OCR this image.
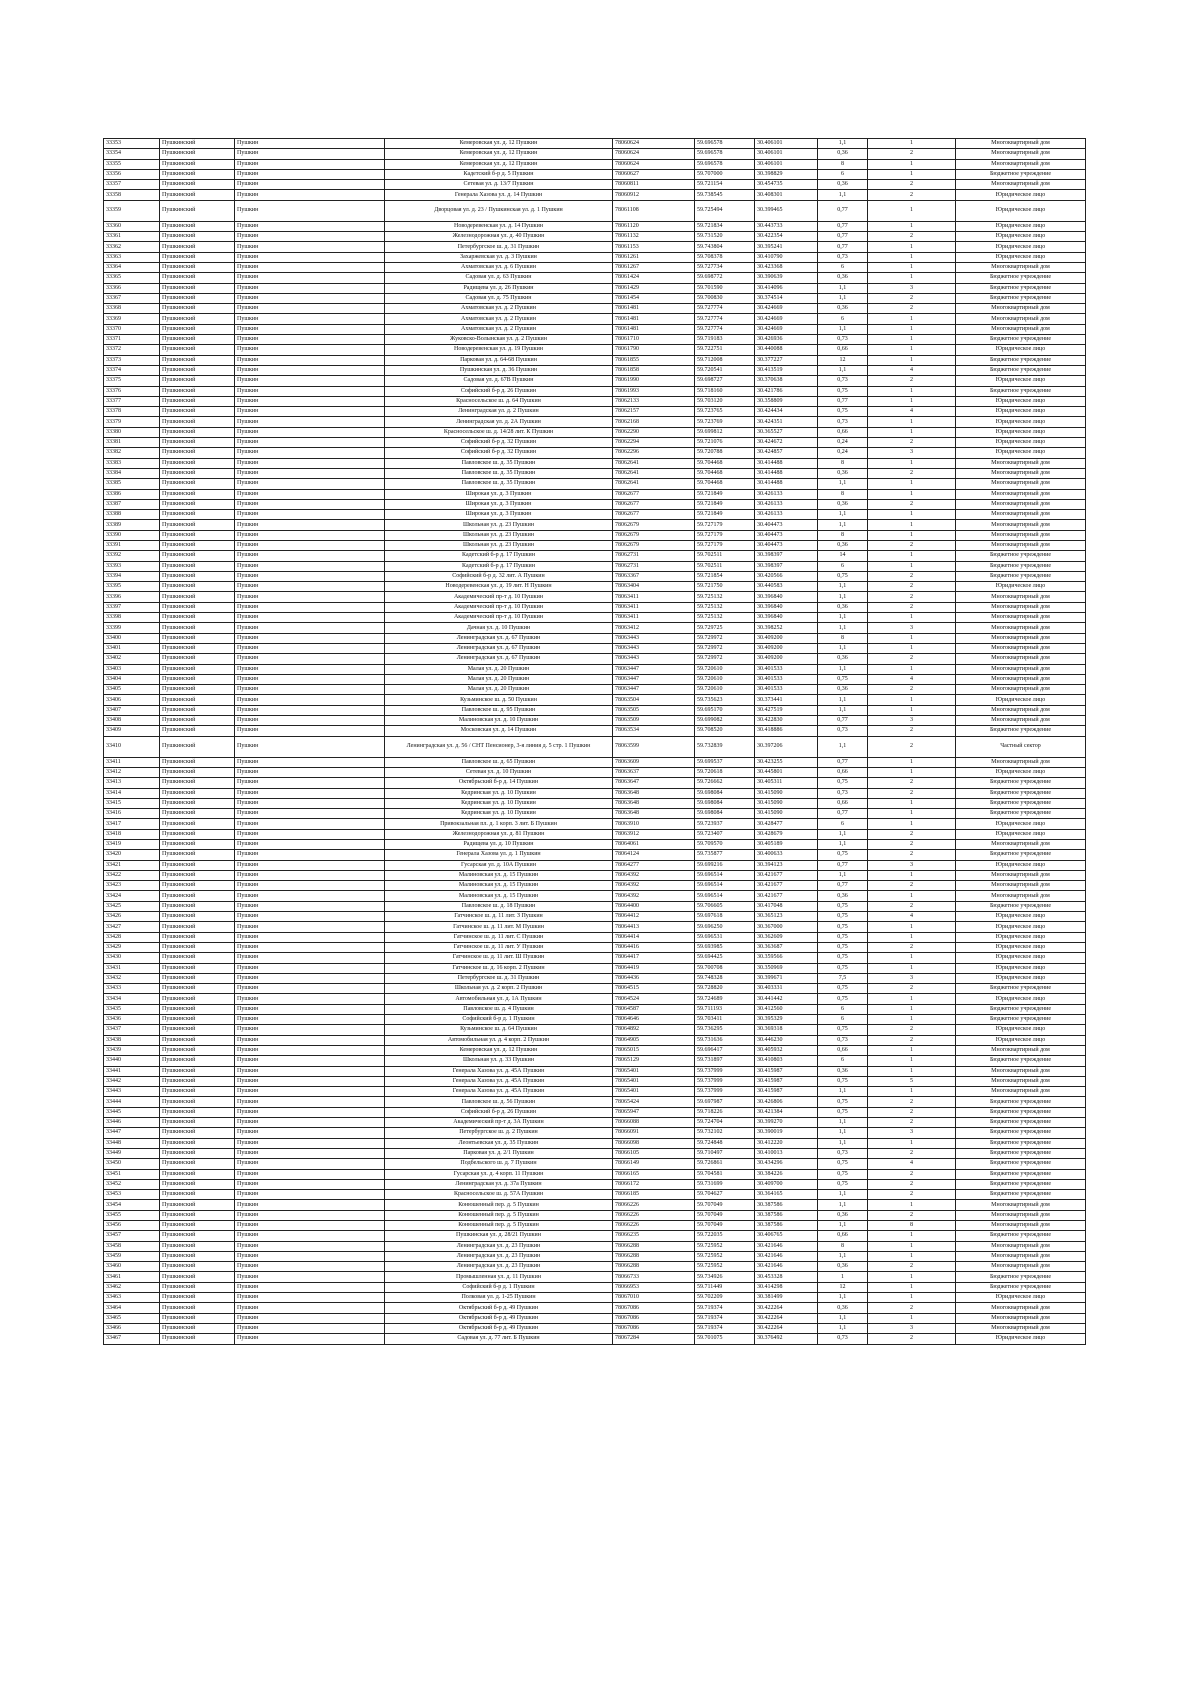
33353	Пушкинский	Пушкин	Кемеровская ул. д. 12 Пушкин	78060624	59.696578	30.406101	1,1	1	Многоквартирный дом
33354	Пушкинский	Пушкин	Кемеровская ул. д. 12 Пушкин	78060624	59.696578	30.406101	0,36	2	Многоквартирный дом
33355	Пушкинский	Пушкин	Кемеровская ул. д. 12 Пушкин	78060624	59.696578	30.406101	8	1	Многоквартирный дом
33356	Пушкинский	Пушкин	Кадетский б-р д. 5 Пушкин	78060627	59.707000	30.398829	6	1	Бюджетное учреждение
33357	Пушкинский	Пушкин	Сетевая ул. д. 13/7 Пушкин	78060811	59.721154	30.454735	0,36	2	Многоквартирный дом
33358	Пушкинский	Пушкин	Генерала Хазова ул. д. 14 Пушкин	78060912	59.738545	30.408301	1,1	2	Юридическое лицо
33359	Пушкинский	Пушкин	Дворцовая ул. д. 23 / Пушкинская ул. д. 1 Пушкин	78061108	59.725494	30.399465	0,77	1	Юридическое лицо
33360	Пушкинский	Пушкин	Новодеревенская ул. д. 14 Пушкин	78061120	59.721834	30.443733	0,77	1	Юридическое лицо
33361	Пушкинский	Пушкин	Железнодорожная ул. д. 40 Пушкин	78061132	59.731520	30.422354	0,77	2	Юридическое лицо
33362	Пушкинский	Пушкин	Петербургское ш. д. 31 Пушкин	78061153	59.743804	30.395241	0,77	1	Юридическое лицо
33363	Пушкинский	Пушкин	Захаржевская ул. д. 3 Пушкин	78061261	59.708378	30.410790	0,73	1	Юридическое лицо
33364	Пушкинский	Пушкин	Ахматовская ул. д. 6 Пушкин	78061267	59.727734	30.423368	6	1	Многоквартирный дом
33365	Пушкинский	Пушкин	Садовая ул. д. 63 Пушкин	78061424	59.698772	30.390639	0,36	1	Бюджетное учреждение
33366	Пушкинский	Пушкин	Радищева ул. д. 26 Пушкин	78061429	59.701590	30.414096	1,1	3	Бюджетное учреждение
33367	Пушкинский	Пушкин	Садовая ул. д. 75 Пушкин	78061454	59.700830	30.374514	1,1	2	Бюджетное учреждение
33368	Пушкинский	Пушкин	Ахматовская ул. д. 2 Пушкин	78061481	59.727774	30.424669	0,36	2	Многоквартирный дом
33369	Пушкинский	Пушкин	Ахматовская ул. д. 2 Пушкин	78061481	59.727774	30.424669	6	1	Многоквартирный дом
33370	Пушкинский	Пушкин	Ахматовская ул. д. 2 Пушкин	78061481	59.727774	30.424669	1,1	1	Многоквартирный дом
33371	Пушкинский	Пушкин	Жуковско-Волынская ул. д. 2 Пушкин	78061710	59.719183	30.426936	0,73	1	Бюджетное учреждение
33372	Пушкинский	Пушкин	Новодеревенская ул. д. 19 Пушкин	78061790	59.722751	30.440088	0,66	1	Юридическое лицо
33373	Пушкинский	Пушкин	Парковая ул. д. 64-68 Пушкин	78061855	59.712008	30.377227	12	1	Бюджетное учреждение
33374	Пушкинский	Пушкин	Пушкинская ул. д. 36 Пушкин	78061858	59.720541	30.413519	1,1	4	Бюджетное учреждение
33375	Пушкинский	Пушкин	Садовая ул. д. 67В Пушкин	78061990	59.698727	30.370638	0,73	2	Юридическое лицо
33376	Пушкинский	Пушкин	Софийский б-р д. 26 Пушкин	78061993	59.718160	30.421786	0,75	1	Бюджетное учреждение
33377	Пушкинский	Пушкин	Красносельское ш. д. 64 Пушкин	78062133	59.703120	30.358809	0,77	1	Юридическое лицо
33378	Пушкинский	Пушкин	Ленинградская ул. д. 2 Пушкин	78062157	59.723765	30.424434	0,75	4	Юридическое лицо
33379	Пушкинский	Пушкин	Ленинградская ул. д. 2А Пушкин	78062168	59.723769	30.424351	0,73	1	Юридическое лицо
33380	Пушкинский	Пушкин	Красносельское ш. д. 14/28 лит. К Пушкин	78062290	59.699812	30.365527	0,66	1	Юридическое лицо
33381	Пушкинский	Пушкин	Софийский б-р д. 32 Пушкин	78062294	59.721076	30.424672	0,24	2	Юридическое лицо
33382	Пушкинский	Пушкин	Софийский б-р д. 32 Пушкин	78062296	59.720788	30.424857	0,24	3	Юридическое лицо
33383	Пушкинский	Пушкин	Павловское ш. д. 35 Пушкин	78062641	59.704468	30.414488	8	1	Многоквартирный дом
33384	Пушкинский	Пушкин	Павловское ш. д. 35 Пушкин	78062641	59.704468	30.414488	0,36	2	Многоквартирный дом
33385	Пушкинский	Пушкин	Павловское ш. д. 35 Пушкин	78062641	59.704468	30.414488	1,1	1	Многоквартирный дом
33386	Пушкинский	Пушкин	Широкая ул. д. 3 Пушкин	78062677	59.721849	30.426133	8	1	Многоквартирный дом
33387	Пушкинский	Пушкин	Широкая ул. д. 3 Пушкин	78062677	59.721849	30.426133	0,36	2	Многоквартирный дом
33388	Пушкинский	Пушкин	Широкая ул. д. 3 Пушкин	78062677	59.721849	30.426133	1,1	1	Многоквартирный дом
33389	Пушкинский	Пушкин	Школьная ул. д. 23 Пушкин	78062679	59.727179	30.404473	1,1	1	Многоквартирный дом
33390	Пушкинский	Пушкин	Школьная ул. д. 23 Пушкин	78062679	59.727179	30.404473	8	1	Многоквартирный дом
33391	Пушкинский	Пушкин	Школьная ул. д. 23 Пушкин	78062679	59.727179	30.404473	0,36	2	Многоквартирный дом
33392	Пушкинский	Пушкин	Кадетский б-р д. 17 Пушкин	78062731	59.702511	30.398397	14	1	Бюджетное учреждение
33393	Пушкинский	Пушкин	Кадетский б-р д. 17 Пушкин	78062731	59.702511	30.398397	6	1	Бюджетное учреждение
33394	Пушкинский	Пушкин	Софийский б-р д. 32 лит. А Пушкин	78063367	59.721854	30.420566	0,75	2	Бюджетное учреждение
33395	Пушкинский	Пушкин	Новодеревенская ул. д. 19 лит. Н Пушкин	78063404	59.721750	30.440583	1,1	2	Юридическое лицо
33396	Пушкинский	Пушкин	Академический пр-т д. 10 Пушкин	78063411	59.725132	30.396840	1,1	2	Многоквартирный дом
33397	Пушкинский	Пушкин	Академический пр-т д. 10 Пушкин	78063411	59.725132	30.396840	0,36	2	Многоквартирный дом
33398	Пушкинский	Пушкин	Академический пр-т д. 10 Пушкин	78063411	59.725132	30.396840	1,1	1	Многоквартирный дом
33399	Пушкинский	Пушкин	Дачная ул. д. 10 Пушкин	78063412	59.729725	30.398252	1,1	3	Многоквартирный дом
33400	Пушкинский	Пушкин	Ленинградская ул. д. 67 Пушкин	78063443	59.729972	30.409200	8	1	Многоквартирный дом
33401	Пушкинский	Пушкин	Ленинградская ул. д. 67 Пушкин	78063443	59.729972	30.409200	1,1	1	Многоквартирный дом
33402	Пушкинский	Пушкин	Ленинградская ул. д. 67 Пушкин	78063443	59.729972	30.409200	0,36	2	Многоквартирный дом
33403	Пушкинский	Пушкин	Малая ул. д. 20 Пушкин	78063447	59.720610	30.401533	1,1	1	Многоквартирный дом
33404	Пушкинский	Пушкин	Малая ул. д. 20 Пушкин	78063447	59.720610	30.401533	0,75	4	Многоквартирный дом
33405	Пушкинский	Пушкин	Малая ул. д. 20 Пушкин	78063447	59.720610	30.401533	0,36	2	Многоквартирный дом
33406	Пушкинский	Пушкин	Кузьминское ш. д. 50 Пушкин	78063504	59.735623	30.373441	1,1	1	Юридическое лицо
33407	Пушкинский	Пушкин	Павловское ш. д. 95 Пушкин	78063505	59.695170	30.427519	1,1	1	Многоквартирный дом
33408	Пушкинский	Пушкин	Малиновская ул. д. 10 Пушкин	78063509	59.699082	30.422830	0,77	3	Многоквартирный дом
33409	Пушкинский	Пушкин	Московская ул. д. 14 Пушкин	78063534	59.708520	30.418886	0,73	2	Бюджетное учреждение
33410	Пушкинский	Пушкин	Ленинградская ул. д. 56 / СНТ Пенсионер, 3-я линия д. 5 стр. 1 Пушкин	78063599	59.732839	30.397206	1,1	2	Частный сектор
33411	Пушкинский	Пушкин	Павловское ш. д. 65 Пушкин	78063609	59.699537	30.423255	0,77	1	Многоквартирный дом
33412	Пушкинский	Пушкин	Сетевая ул. д. 10 Пушкин	78063637	59.720618	30.445801	0,66	1	Юридическое лицо
33413	Пушкинский	Пушкин	Октябрьский б-р д. 14 Пушкин	78063647	59.726662	30.405311	0,75	2	Бюджетное учреждение
33414	Пушкинский	Пушкин	Кедринская ул. д. 10 Пушкин	78063648	59.698084	30.415090	0,73	2	Бюджетное учреждение
33415	Пушкинский	Пушкин	Кедринская ул. д. 10 Пушкин	78063648	59.698084	30.415090	0,66	1	Бюджетное учреждение
33416	Пушкинский	Пушкин	Кедринская ул. д. 10 Пушкин	78063648	59.698084	30.415090	0,77	1	Бюджетное учреждение
33417	Пушкинский	Пушкин	Привокзальная пл. д. 1 корп. 3 лит. Б Пушкин	78063910	59.723937	30.428477	6	1	Юридическое лицо
33418	Пушкинский	Пушкин	Железнодорожная ул. д. 81 Пушкин	78063912	59.723407	30.428679	1,1	2	Юридическое лицо
33419	Пушкинский	Пушкин	Радищева ул. д. 10 Пушкин	78064061	59.709570	30.405189	1,1	2	Многоквартирный дом
33420	Пушкинский	Пушкин	Генерала Хазова ул. д. 1 Пушкин	78064124	59.735877	30.400633	0,75	2	Бюджетное учреждение
33421	Пушкинский	Пушкин	Гусарская ул. д. 10А Пушкин	78064277	59.699216	30.394123	0,77	3	Юридическое лицо
33422	Пушкинский	Пушкин	Малиновская ул. д. 15 Пушкин	78064392	59.696514	30.421677	1,1	1	Многоквартирный дом
33423	Пушкинский	Пушкин	Малиновская ул. д. 15 Пушкин	78064392	59.696514	30.421677	0,77	2	Многоквартирный дом
33424	Пушкинский	Пушкин	Малиновская ул. д. 15 Пушкин	78064392	59.696514	30.421677	0,36	1	Многоквартирный дом
33425	Пушкинский	Пушкин	Павловское ш. д. 18 Пушкин	78064400	59.706605	30.417048	0,75	2	Бюджетное учреждение
33426	Пушкинский	Пушкин	Гатчинское ш. д. 11 лит. З Пушкин	78064412	59.697618	30.365123	0,75	4	Юридическое лицо
33427	Пушкинский	Пушкин	Гатчинское ш. д. 11 лит. М Пушкин	78064413	59.696250	30.367000	0,75	1	Юридическое лицо
33428	Пушкинский	Пушкин	Гатчинское ш. д. 11 лит. С Пушкин	78064414	59.696531	30.362609	0,75	1	Юридическое лицо
33429	Пушкинский	Пушкин	Гатчинское ш. д. 11 лит. У Пушкин	78064416	59.693985	30.363687	0,75	2	Юридическое лицо
33430	Пушкинский	Пушкин	Гатчинское ш. д. 11 лит. Ш Пушкин	78064417	59.694425	30.359566	0,75	1	Юридическое лицо
33431	Пушкинский	Пушкин	Гатчинское ш. д. 16 корп. 2 Пушкин	78064419	59.700708	30.350969	0,75	1	Юридическое лицо
33432	Пушкинский	Пушкин	Петербургское ш. д. 31 Пушкин	78064436	59.748328	30.399671	7,5	3	Юридическое лицо
33433	Пушкинский	Пушкин	Школьная ул. д. 2 корп. 2 Пушкин	78064515	59.728820	30.403331	0,75	2	Бюджетное учреждение
33434	Пушкинский	Пушкин	Автомобильная ул. д. 1А Пушкин	78064524	59.724689	30.441442	0,75	1	Юридическое лицо
33435	Пушкинский	Пушкин	Павловское ш. д. 4 Пушкин	78064587	59.711193	30.412560	6	1	Бюджетное учреждение
33436	Пушкинский	Пушкин	Софийский б-р д. 1 Пушкин	78064646	59.703411	30.395329	6	1	Бюджетное учреждение
33437	Пушкинский	Пушкин	Кузьминское ш. д. 64 Пушкин	78064892	59.736295	30.369318	0,75	2	Юридическое лицо
33438	Пушкинский	Пушкин	Автомобильная ул. д. 4 корп. 2 Пушкин	78064905	59.731636	30.446230	0,73	2	Юридическое лицо
33439	Пушкинский	Пушкин	Кемеровская ул. д. 12 Пушкин	78065015	59.696417	30.405932	0,66	1	Многоквартирный дом
33440	Пушкинский	Пушкин	Школьная ул. д. 33 Пушкин	78065129	59.731897	30.410803	6	1	Бюджетное учреждение
33441	Пушкинский	Пушкин	Генерала Хазова ул. д. 45А Пушкин	78065401	59.737999	30.415987	0,36	1	Многоквартирный дом
33442	Пушкинский	Пушкин	Генерала Хазова ул. д. 45А Пушкин	78065401	59.737999	30.415987	0,75	5	Многоквартирный дом
33443	Пушкинский	Пушкин	Генерала Хазова ул. д. 45А Пушкин	78065401	59.737999	30.415987	1,1	1	Многоквартирный дом
33444	Пушкинский	Пушкин	Павловское ш. д. 56 Пушкин	78065424	59.697987	30.426806	0,75	2	Бюджетное учреждение
33445	Пушкинский	Пушкин	Софийский б-р д. 26 Пушкин	78065947	59.718226	30.421384	0,75	2	Бюджетное учреждение
33446	Пушкинский	Пушкин	Академический пр-т д. 3А Пушкин	78066088	59.724704	30.399270	1,1	2	Бюджетное учреждение
33447	Пушкинский	Пушкин	Петербургское ш. д. 2 Пушкин	78066091	59.732102	30.390019	1,1	3	Бюджетное учреждение
33448	Пушкинский	Пушкин	Леонтьевская ул. д. 35 Пушкин	78066098	59.724848	30.412220	1,1	1	Бюджетное учреждение
33449	Пушкинский	Пушкин	Парковая ул. д. 2/1 Пушкин	78066105	59.710497	30.410013	0,73	2	Бюджетное учреждение
33450	Пушкинский	Пушкин	Подбельского ш. д. 7 Пушкин	78066149	59.726861	30.434296	0,75	4	Бюджетное учреждение
33451	Пушкинский	Пушкин	Гусарская ул. д. 4 корп. 11 Пушкин	78066165	59.704581	30.384226	0,75	2	Бюджетное учреждение
33452	Пушкинский	Пушкин	Ленинградская ул. д. 37а Пушкин	78066172	59.731699	30.409700	0,75	2	Бюджетное учреждение
33453	Пушкинский	Пушкин	Красносельское ш. д. 57А Пушкин	78066185	59.704627	30.364165	1,1	2	Бюджетное учреждение
33454	Пушкинский	Пушкин	Конюшенный пер. д. 5 Пушкин	78066226	59.707049	30.387586	1,1	1	Многоквартирный дом
33455	Пушкинский	Пушкин	Конюшенный пер. д. 5 Пушкин	78066226	59.707049	30.387586	0,36	2	Многоквартирный дом
33456	Пушкинский	Пушкин	Конюшенный пер. д. 5 Пушкин	78066226	59.707049	30.387586	1,1	8	Многоквартирный дом
33457	Пушкинский	Пушкин	Пушкинская ул. д. 28/21 Пушкин	78066235	59.722035	30.406765	0,66	1	Бюджетное учреждение
33458	Пушкинский	Пушкин	Ленинградская ул. д. 23 Пушкин	78066288	59.725952	30.421646	8	1	Многоквартирный дом
33459	Пушкинский	Пушкин	Ленинградская ул. д. 23 Пушкин	78066288	59.725952	30.421646	1,1	1	Многоквартирный дом
33460	Пушкинский	Пушкин	Ленинградская ул. д. 23 Пушкин	78066288	59.725952	30.421646	0,36	2	Многоквартирный дом
33461	Пушкинский	Пушкин	Промышленная ул. д. 11 Пушкин	78066733	59.734926	30.453328	1	1	Бюджетное учреждение
33462	Пушкинский	Пушкин	Софийский б-р д. 1 Пушкин	78066953	59.711449	30.414298	12	1	Бюджетное учреждение
33463	Пушкинский	Пушкин	Полковая ул. д. 1-25 Пушкин	78067010	59.702209	30.381499	1,1	1	Юридическое лицо
33464	Пушкинский	Пушкин	Октябрьский б-р д. 49 Пушкин	78067086	59.719374	30.422264	0,36	2	Многоквартирный дом
33465	Пушкинский	Пушкин	Октябрьский б-р д. 49 Пушкин	78067086	59.719374	30.422264	1,1	1	Многоквартирный дом
33466	Пушкинский	Пушкин	Октябрьский б-р д. 49 Пушкин	78067086	59.719374	30.422264	1,1	3	Многоквартирный дом
33467	Пушкинский	Пушкин	Садовая ул. д. 77 лит. Б Пушкин	78067284	59.701075	30.376492	0,73	2	Юридическое лицо
